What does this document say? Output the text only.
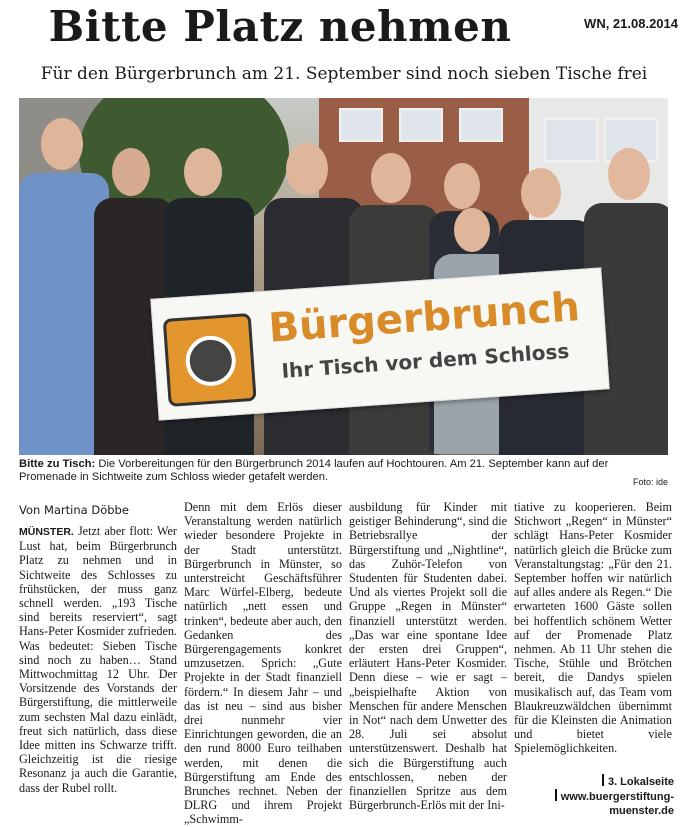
Bitte Platz nehmen	WN, 21.08.2014
Für den Bürgerbrunch am 21. September sind noch sieben Tische frei
Bürgerbrunch
Ihr Tisch vor dem Schloss
Bitte zu Tisch: Die Vorbereitungen für den Bürgerbrunch 2014 laufen auf Hochtouren. Am 21. September kann auf der Promenade in Sichtweite zum Schloss wieder getafelt werden.	Foto: ide
Von Martina Döbbe
MÜNSTER. Jetzt aber flott: Wer Lust hat, beim Bürgerbrunch Platz zu nehmen und in Sichtweite des Schlosses zu frühstücken, der muss ganz schnell werden. „193 Tische sind bereits reserviert“, sagt Hans-Peter Kosmider zufrieden. Was bedeutet: Sieben Tische sind noch zu haben… Stand Mittwochmittag 12 Uhr. Der Vorsitzende des Vorstands der Bürgerstiftung, die mittlerweile zum sechsten Mal dazu einlädt, freut sich natürlich, dass diese Idee mitten ins Schwarze trifft. Gleichzeitig ist die riesige Resonanz ja auch die Garantie, dass der Rubel rollt.
Denn mit dem Erlös dieser Veranstaltung werden natürlich wieder besondere Projekte in der Stadt unterstützt. Bürgerbrunch in Münster, so unterstreicht Geschäftsführer Marc Würfel-Elberg, bedeute natürlich „nett essen und trinken“, bedeute aber auch, den Gedanken des Bürgerengagements konkret umzusetzen. Sprich: „Gute Projekte in der Stadt finanziell fördern.“ In diesem Jahr – und das ist neu – sind aus bisher drei nunmehr vier Einrichtungen geworden, die an den rund 8000 Euro teilhaben werden, mit denen die Bürgerstiftung am Ende des Brunches rechnet. Neben der DLRG und ihrem Projekt „Schwimm-
ausbildung für Kinder mit geistiger Behinderung“, sind die Betriebsrallye der Bürgerstiftung und „Nightline“, das Zuhör-Telefon von Studenten für Studenten dabei. Und als viertes Projekt soll die Gruppe „Regen in Münster“ finanziell unterstützt werden. „Das war eine spontane Idee der ersten drei Gruppen“, erläutert Hans-Peter Kosmider. Denn diese – wie er sagt – „beispielhafte Aktion von Menschen für andere Menschen in Not“ nach dem Unwetter des 28. Juli sei absolut unterstützenswert. Deshalb hat sich die Bürgerstiftung auch entschlossen, neben der finanziellen Spritze aus dem Bürgerbrunch-Erlös mit der Ini-
tiative zu kooperieren. Beim Stichwort „Regen“ in Münster“ schlägt Hans-Peter Kosmider natürlich gleich die Brücke zum Veranstaltungstag: „Für den 21. September hoffen wir natürlich auf alles andere als Regen.“ Die erwarteten 1600 Gäste sollen bei hoffentlich schönem Wetter auf der Promenade Platz nehmen. Ab 11 Uhr stehen die Tische, Stühle und Brötchen bereit, die Dandys spielen musikalisch auf, das Team vom Blaukreuzwäldchen übernimmt für die Kleinsten die Animation und bietet viele Spielemöglichkeiten.
3. Lokalseite
www.buergerstiftung-muenster.de
